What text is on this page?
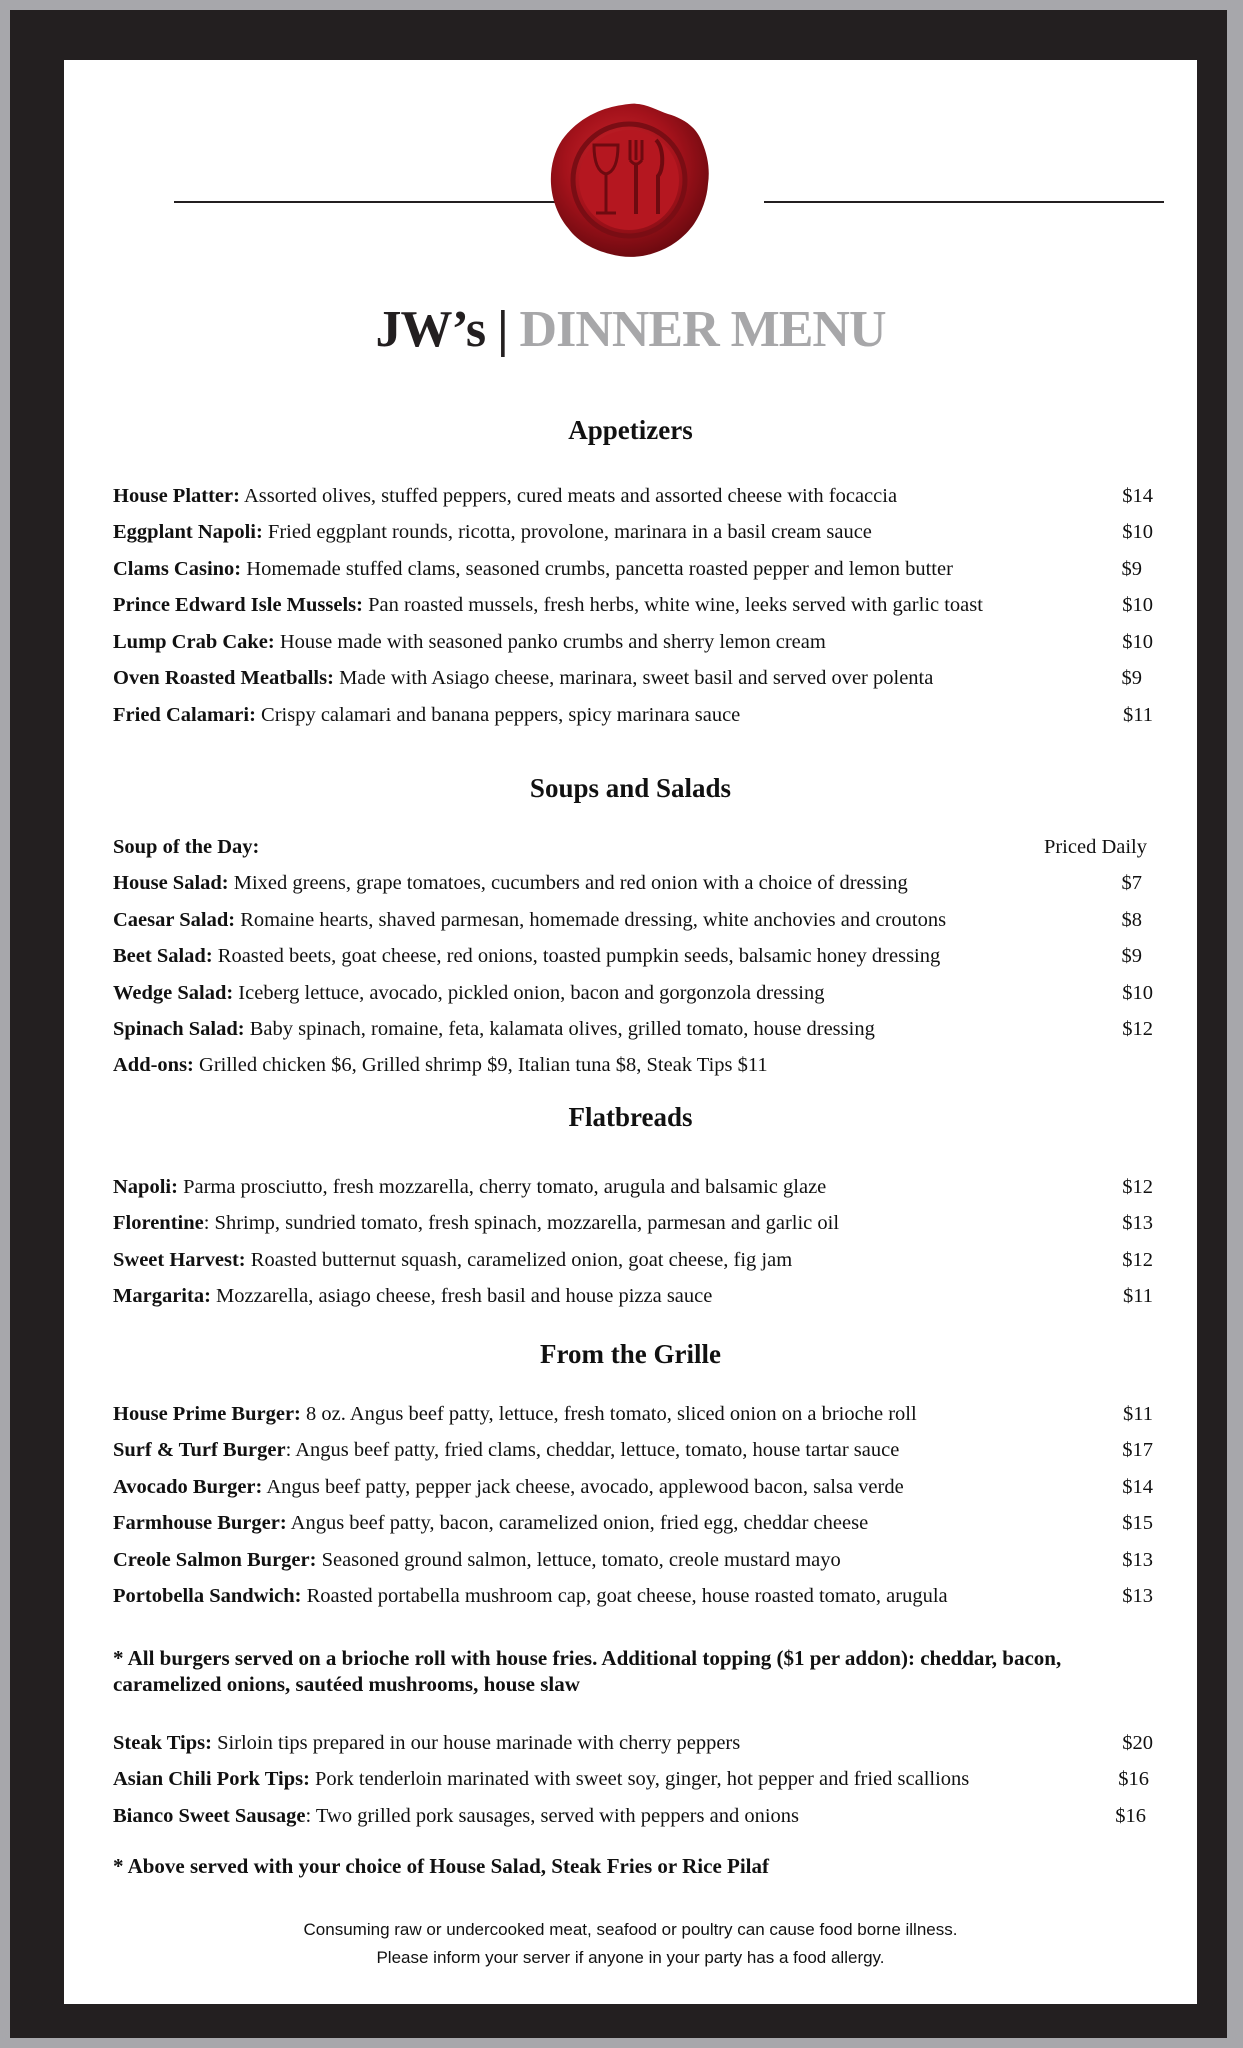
JW’s | DINNER MENU
Appetizers
House Platter: Assorted olives, stuffed peppers, cured meats and assorted cheese with focaccia	$14
Eggplant Napoli: Fried eggplant rounds, ricotta, provolone, marinara in a basil cream sauce	$10
Clams Casino: Homemade stuffed clams, seasoned crumbs, pancetta roasted pepper and lemon butter	$9
Prince Edward Isle Mussels: Pan roasted mussels, fresh herbs, white wine, leeks served with garlic toast	$10
Lump Crab Cake: House made with seasoned panko crumbs and sherry lemon cream	$10
Oven Roasted Meatballs: Made with Asiago cheese, marinara, sweet basil and served over polenta	$9
Fried Calamari: Crispy calamari and banana peppers, spicy marinara sauce	$11
Soups and Salads
Soup of the Day:	Priced Daily
House Salad: Mixed greens, grape tomatoes, cucumbers and red onion with a choice of dressing	$7
Caesar Salad: Romaine hearts, shaved parmesan, homemade dressing, white anchovies and croutons	$8
Beet Salad: Roasted beets, goat cheese, red onions, toasted pumpkin seeds, balsamic honey dressing	$9
Wedge Salad: Iceberg lettuce, avocado, pickled onion, bacon and gorgonzola dressing	$10
Spinach Salad: Baby spinach, romaine, feta, kalamata olives, grilled tomato, house dressing	$12
Add-ons: Grilled chicken $6, Grilled shrimp $9, Italian tuna $8, Steak Tips $11
Flatbreads
Napoli: Parma prosciutto, fresh mozzarella, cherry tomato, arugula and balsamic glaze	$12
Florentine: Shrimp, sundried tomato, fresh spinach, mozzarella, parmesan and garlic oil	$13
Sweet Harvest: Roasted butternut squash, caramelized onion, goat cheese, fig jam	$12
Margarita: Mozzarella, asiago cheese, fresh basil and house pizza sauce	$11
From the Grille
House Prime Burger: 8 oz. Angus beef patty, lettuce, fresh tomato, sliced onion on a brioche roll	$11
Surf & Turf Burger: Angus beef patty, fried clams, cheddar, lettuce, tomato, house tartar sauce	$17
Avocado Burger: Angus beef patty, pepper jack cheese, avocado, applewood bacon, salsa verde	$14
Farmhouse Burger: Angus beef patty, bacon, caramelized onion, fried egg, cheddar cheese	$15
Creole Salmon Burger: Seasoned ground salmon, lettuce, tomato, creole mustard mayo	$13
Portobella Sandwich: Roasted portabella mushroom cap, goat cheese, house roasted tomato, arugula	$13
* All burgers served on a brioche roll with house fries. Additional topping ($1 per addon): cheddar, bacon, caramelized onions, sautéed mushrooms, house slaw
Steak Tips: Sirloin tips prepared in our house marinade with cherry peppers	$20
Asian Chili Pork Tips: Pork tenderloin marinated with sweet soy, ginger, hot pepper and fried scallions	$16
Bianco Sweet Sausage: Two grilled pork sausages, served with peppers and onions	$16
* Above served with your choice of House Salad, Steak Fries or Rice Pilaf
Consuming raw or undercooked meat, seafood or poultry can cause food borne illness.
Please inform your server if anyone in your party has a food allergy.
